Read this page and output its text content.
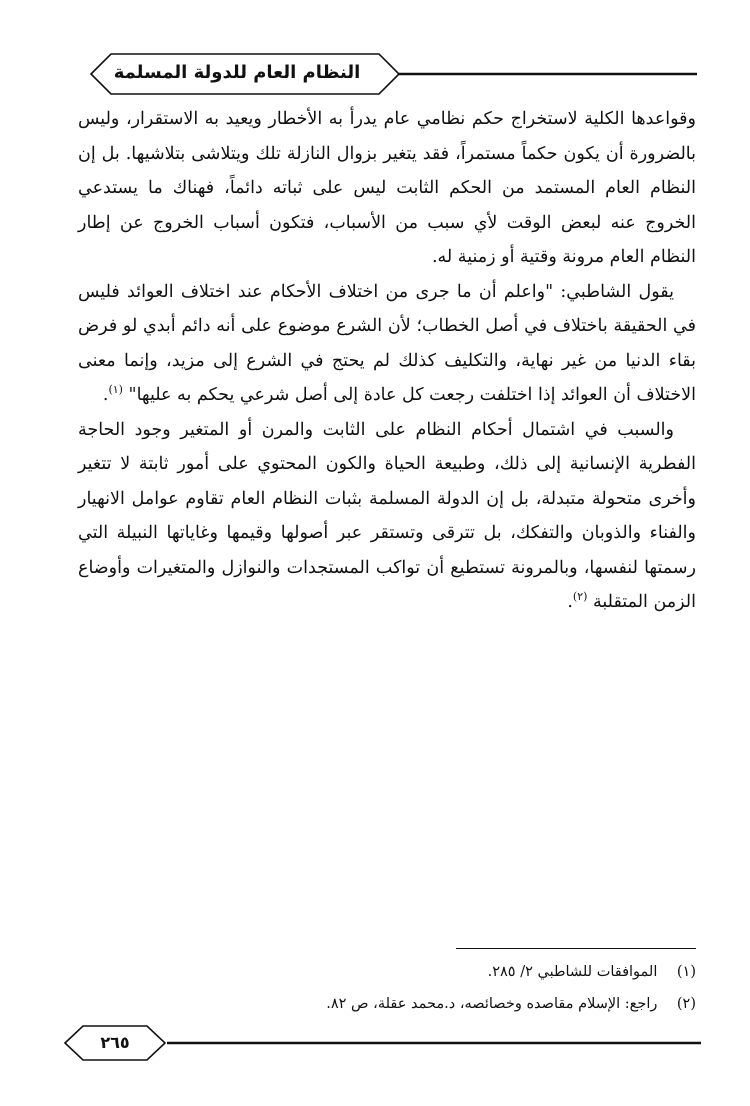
النظام العام للدولة المسلمة

وقواعدها الكلية لاستخراج حكم نظامي عام يدرأ به الأخطار ويعيد به الاستقرار، وليس بالضرورة أن يكون حكماً مستمراً، فقد يتغير بزوال النازلة تلك ويتلاشى بتلاشيها. بل إن النظام العام المستمد من الحكم الثابت ليس على ثباته دائماً، فهناك ما يستدعي الخروج عنه لبعض الوقت لأي سبب من الأسباب، فتكون أسباب الخروج عن إطار النظام العام مرونة وقتية أو زمنية له.

يقول الشاطبي: "واعلم أن ما جرى من اختلاف الأحكام عند اختلاف العوائد فليس في الحقيقة باختلاف في أصل الخطاب؛ لأن الشرع موضوع على أنه دائم أبدي لو فرض بقاء الدنيا من غير نهاية، والتكليف كذلك لم يحتج في الشرع إلى مزيد، وإنما معنى الاختلاف أن العوائد إذا اختلفت رجعت كل عادة إلى أصل شرعي يحكم به عليها" $^{(١)}$.

والسبب في اشتمال أحكام النظام على الثابت والمرن أو المتغير وجود الحاجة الفطرية الإنسانية إلى ذلك، وطبيعة الحياة والكون المحتوي على أمور ثابتة لا تتغير وأخرى متحولة متبدلة، بل إن الدولة المسلمة بثبات النظام العام تقاوم عوامل الانهيار والفناء والذوبان والتفكك، بل تترقى وتستقر عبر أصولها وقيمها وغاياتها النبيلة التي رسمتها لنفسها، وبالمرونة تستطيع أن تواكب المستجدات والنوازل والمتغيرات وأوضاع الزمن المتقلبة $^{(٢)}$.

(١) الموافقات للشاطبي ٢/ ٢٨٥.
(٢) راجع: الإسلام مقاصده وخصائصه، د.محمد عقلة، ص ٨٢.
٢٦٥
